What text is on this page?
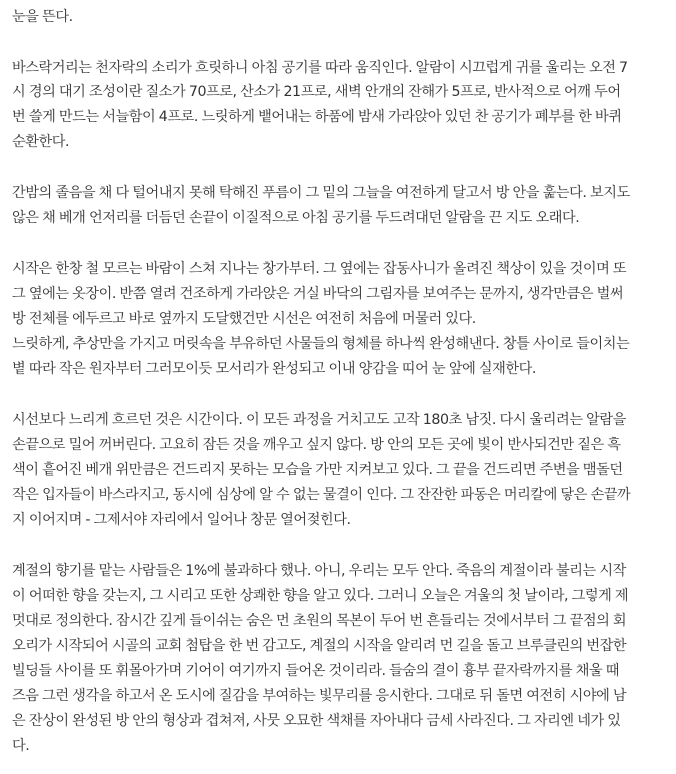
눈을 뜬다.
바스락거리는 천자락의 소리가 흐릿하니 아침 공기를 따라 움직인다. 알람이 시끄럽게 귀를 울리는 오전 7
시 경의 대기 조성이란 질소가 70프로, 산소가 21프로, 새벽 안개의 잔해가 5프로, 반사적으로 어깨 두어
번 쓸게 만드는 서늘함이 4프로. 느릿하게 뱉어내는 하품에 밤새 가라앉아 있던 찬 공기가 폐부를 한 바퀴
순환한다.
간밤의 졸음을 채 다 털어내지 못해 탁해진 푸름이 그 밑의 그늘을 여전하게 달고서 방 안을 훑는다. 보지도
않은 채 베개 언저리를 더듬던 손끝이 이질적으로 아침 공기를 두드려대던 알람을 끈 지도 오래다.
시작은 한창 철 모르는 바람이 스쳐 지나는 창가부터. 그 옆에는 잡동사니가 올려진 책상이 있을 것이며 또
그 옆에는 옷장이. 반쯤 열려 건조하게 가라앉은 거실 바닥의 그림자를 보여주는 문까지, 생각만큼은 벌써
방 전체를 에두르고 바로 옆까지 도달했건만 시선은 여전히 처음에 머물러 있다.
느릿하게, 추상만을 가지고 머릿속을 부유하던 사물들의 형체를 하나씩 완성해낸다. 창틀 사이로 들이치는
볕 따라 작은 원자부터 그러모이듯 모서리가 완성되고 이내 양감을 띠어 눈 앞에 실재한다.
시선보다 느리게 흐르던 것은 시간이다. 이 모든 과정을 거치고도 고작 180초 남짓. 다시 울리려는 알람을
손끝으로 밀어 꺼버린다. 고요히 잠든 것을 깨우고 싶지 않다. 방 안의 모든 곳에 빛이 반사되건만 짙은 흑
색이 흩어진 베개 위만큼은 건드리지 못하는 모습을 가만 지켜보고 있다. 그 끝을 건드리면 주변을 맴돌던
작은 입자들이 바스라지고, 동시에 심상에 알 수 없는 물결이 인다. 그 잔잔한 파동은 머리칼에 닿은 손끝까
지 이어지며 - 그제서야 자리에서 일어나 창문 열어젖힌다.
계절의 향기를 맡는 사람들은 1%에 불과하다 했나. 아니, 우리는 모두 안다. 죽음의 계절이라 불리는 시작
이 어떠한 향을 갖는지, 그 시리고 또한 상쾌한 향을 알고 있다. 그러니 오늘은 겨울의 첫 날이라, 그렇게 제
멋대로 정의한다. 잠시간 깊게 들이쉬는 숨은 먼 초원의 목본이 두어 번 흔들리는 것에서부터 그 끝점의 회
오리가 시작되어 시골의 교회 첨탑을 한 번 감고도, 계절의 시작을 알리려 먼 길을 돌고 브루클린의 번잡한
빌딩들 사이를 또 휘몰아가며 기어이 여기까지 들어온 것이리라. 들숨의 결이 흉부 끝자락까지를 채울 때
즈음 그런 생각을 하고서 온 도시에 질감을 부여하는 빛무리를 응시한다. 그대로 뒤 돌면 여전히 시야에 남
은 잔상이 완성된 방 안의 형상과 겹쳐져, 사뭇 오묘한 색채를 자아내다 금세 사라진다. 그 자리엔 네가 있
다.
